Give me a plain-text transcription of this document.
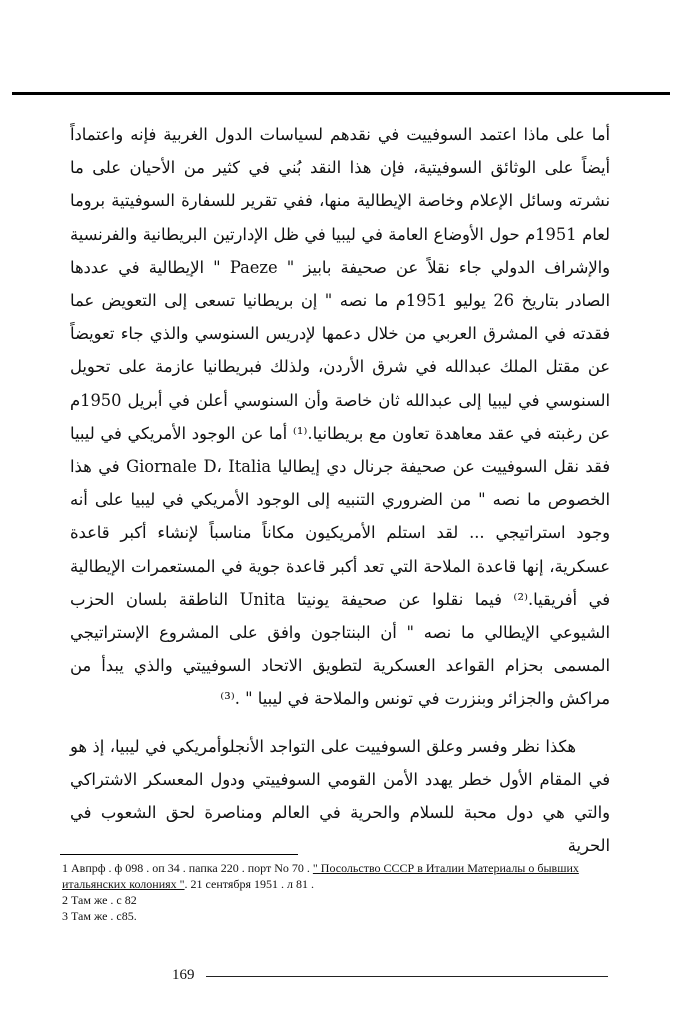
أما على ماذا اعتمد السوفييت في نقدهم لسياسات الدول الغربية فإنه واعتماداً أيضاً على الوثائق السوفيتية، فإن هذا النقد بُني في كثير من الأحيان على ما نشرته وسائل الإعلام وخاصة الإيطالية منها، ففي تقرير للسفارة السوفيتية بروما لعام 1951م حول الأوضاع العامة في ليبيا في ظل الإدارتين البريطانية والفرنسية والإشراف الدولي جاء نقلاً عن صحيفة بابيز " Paeze " الإيطالية في عددها الصادر بتاريخ 26 يوليو 1951م ما نصه " إن بريطانيا تسعى إلى التعويض عما فقدته في المشرق العربي من خلال دعمها لإدريس السنوسي والذي جاء تعويضاً عن مقتل الملك عبدالله في شرق الأردن، ولذلك فبريطانيا عازمة على تحويل السنوسي في ليبيا إلى عبدالله ثان خاصة وأن السنوسي أعلن في أبريل 1950م عن رغبته في عقد معاهدة تعاون مع بريطانيا.⁽¹⁾ أما عن الوجود الأمريكي في ليبيا فقد نقل السوفييت عن صحيفة جرنال دي إيطاليا Giornale D، Italia في هذا الخصوص ما نصه " من الضروري التنبيه إلى الوجود الأمريكي في ليبيا على أنه وجود استراتيجي ... لقد استلم الأمريكيون مكاناً مناسباً لإنشاء أكبر قاعدة عسكرية، إنها قاعدة الملاحة التي تعد أكبر قاعدة جوية في المستعمرات الإيطالية في أفريقيا.⁽²⁾ فيما نقلوا عن صحيفة يونيتا Unita الناطقة بلسان الحزب الشيوعي الإيطالي ما نصه " أن البنتاجون وافق على المشروع الإستراتيجي المسمى بحزام القواعد العسكرية لتطويق الاتحاد السوفييتي والذي يبدأ من مراكش والجزائر وبنزرت في تونس والملاحة في ليبيا " .⁽³⁾

هكذا نظر وفسر وعلق السوفييت على التواجد الأنجلوأمريكي في ليبيا، إذ هو في المقام الأول خطر يهدد الأمن القومي السوفييتي ودول المعسكر الاشتراكي والتي هي دول محبة للسلام والحرية في العالم ومناصرة لحق الشعوب في الحرية

1 Авпрф . ф 098 . оп 34 . папка 220 . порт No 70 . " Посольство СССР в Италии Материалы о бывших итальянских колониях ". 21 сентября 1951 . л 81 .

2 Там же . с 82

3 Там же . с85.

169
